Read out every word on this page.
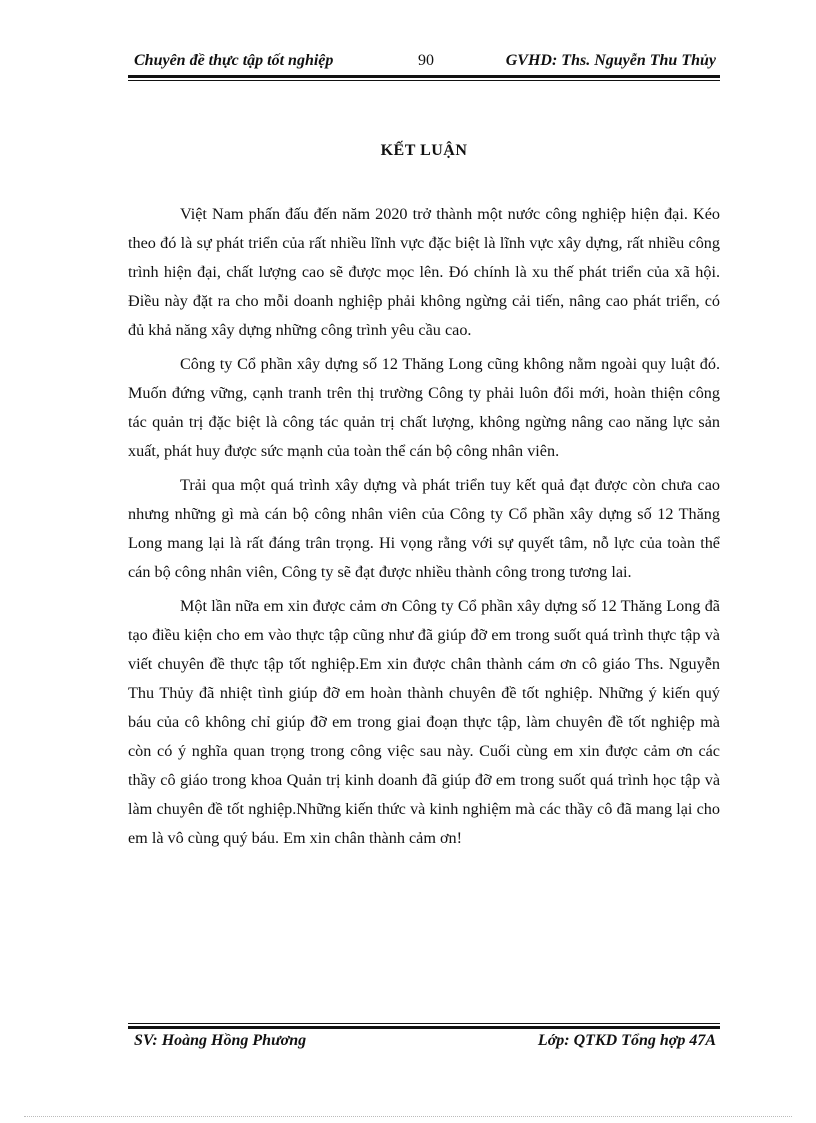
Chuyên đề thực tập tốt nghiệp	90	GVHD: Ths. Nguyễn Thu Thủy
KẾT LUẬN

Việt Nam phấn đấu đến năm 2020 trở thành một nước công nghiệp hiện đại. Kéo theo đó là sự phát triển của rất nhiều lĩnh vực đặc biệt là lĩnh vực xây dựng, rất nhiều công trình hiện đại, chất lượng cao sẽ được mọc lên. Đó chính là xu thế phát triển của xã hội. Điều này đặt ra cho mỗi doanh nghiệp phải không ngừng cải tiến, nâng cao phát triển, có đủ khả năng xây dựng những công trình yêu cầu cao.

Công ty Cổ phần xây dựng số 12 Thăng Long cũng không nằm ngoài quy luật đó. Muốn đứng vững, cạnh tranh trên thị trường Công ty phải luôn đổi mới, hoàn thiện công tác quản trị đặc biệt là công tác quản trị chất lượng, không ngừng nâng cao năng lực sản xuất, phát huy được sức mạnh của toàn thể cán bộ công nhân viên.

Trải qua một quá trình xây dựng và phát triển tuy kết quả đạt được còn chưa cao nhưng những gì mà cán bộ công nhân viên của Công ty Cổ phần xây dựng số 12 Thăng Long mang lại là rất đáng trân trọng. Hi vọng rằng với sự quyết tâm, nỗ lực của toàn thể cán bộ công nhân viên, Công ty sẽ đạt được nhiều thành công trong tương lai.

Một lần nữa em xin được cảm ơn Công ty Cổ phần xây dựng số 12 Thăng Long đã tạo điều kiện cho em vào thực tập cũng như đã giúp đỡ em trong suốt quá trình thực tập và viết chuyên đề thực tập tốt nghiệp.Em xin được chân thành cám ơn cô giáo Ths. Nguyễn Thu Thủy đã nhiệt tình giúp đỡ em hoàn thành chuyên đề tốt nghiệp. Những ý kiến quý báu của cô không chỉ giúp đỡ em trong giai đoạn thực tập, làm chuyên đề tốt nghiệp mà còn có ý nghĩa quan trọng trong công việc sau này. Cuối cùng em xin được cảm ơn các thầy cô giáo trong khoa Quản trị kinh doanh đã giúp đỡ em trong suốt quá trình học tập và làm chuyên đề tốt nghiệp.Những kiến thức và kinh nghiệm mà các thầy cô đã mang lại cho em là vô cùng quý báu. Em xin chân thành cảm ơn!

SV: Hoàng Hồng Phương	Lớp: QTKD Tổng hợp 47A
